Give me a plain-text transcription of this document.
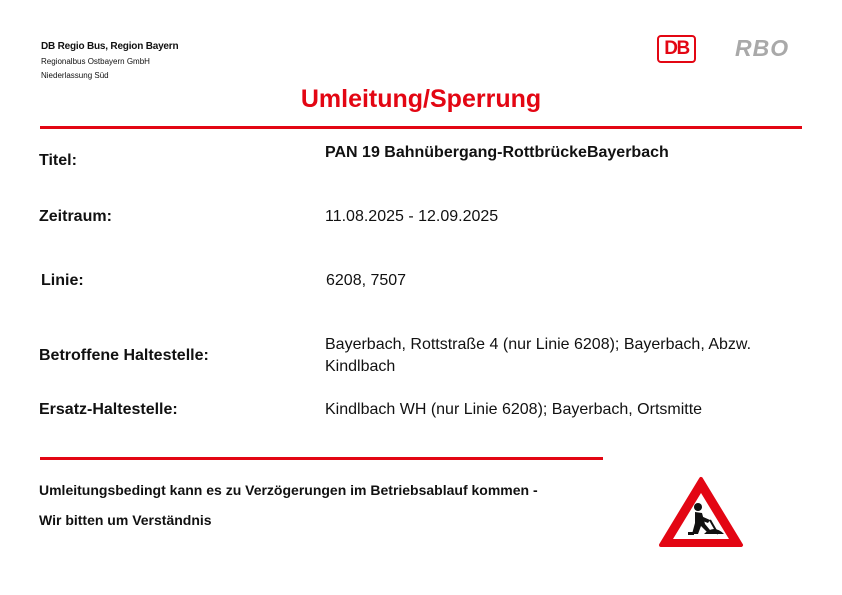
DB Regio Bus, Region Bayern
Regionalbus Ostbayern GmbH
Niederlassung Süd
DB	RBO
Umleitung/Sperrung
Titel:	PAN 19 Bahnübergang-RottbrückeBayerbach
Zeitraum:	11.08.2025 - 12.09.2025
Linie:	6208, 7507
Betroffene Haltestelle:
Bayerbach, Rottstraße 4 (nur Linie 6208); Bayerbach, Abzw. Kindlbach
Ersatz-Haltestelle:	Kindlbach WH (nur Linie 6208); Bayerbach, Ortsmitte
Umleitungsbedingt kann es zu Verzögerungen im Betriebsablauf kommen -
Wir bitten um Verständnis
